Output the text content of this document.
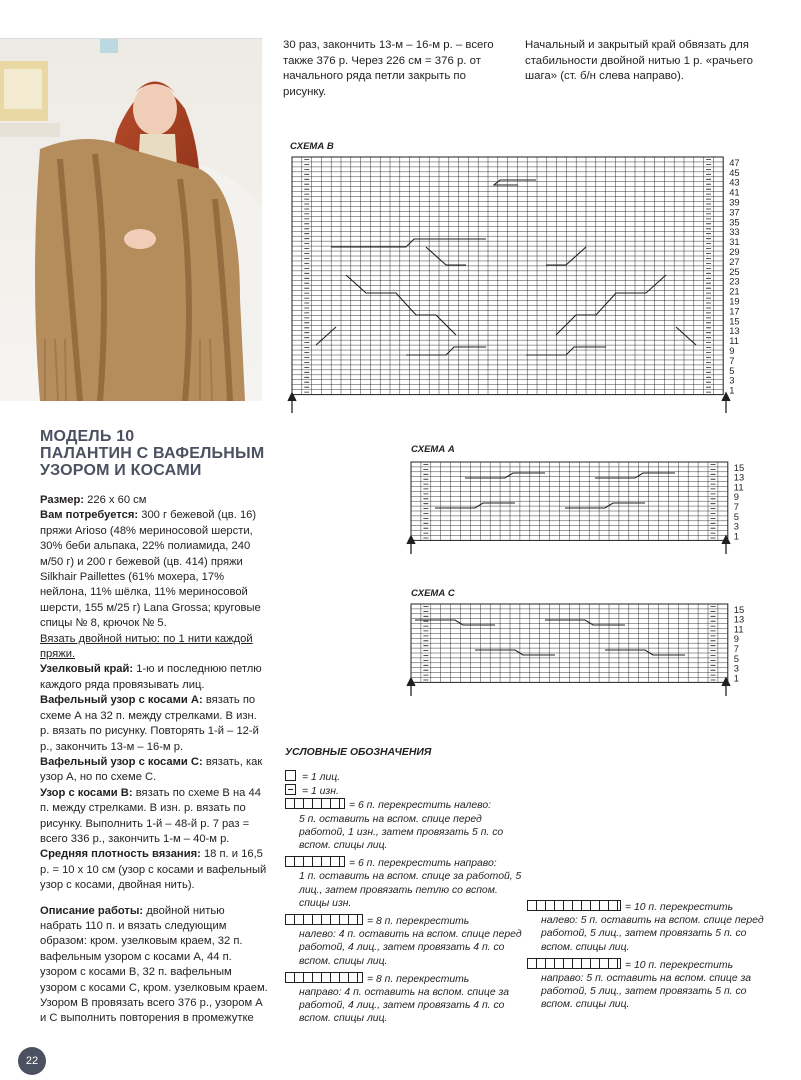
30 раз, закончить 13-м – 16-м р. – всего также 376 р. Через 226 см = 376 р. от начального ряда петли закрыть по рисунку.

Начальный и закрытый край обвязать для стабильности двойной нитью 1 р. «рачьего шага» (ст. б/н слева направо).

МОДЕЛЬ 10
ПАЛАНТИН С ВАФЕЛЬНЫМ УЗОРОМ И КОСАМИ

Размер: 226 x 60 см

Вам потребуется: 300 г бежевой (цв. 16) пряжи Arioso (48% мериносовой шерсти, 30% беби альпака, 22% полиамида, 240 м/50 г) и 200 г бежевой (цв. 414) пряжи Silkhair Paillettes (61% мохера, 17% нейлона, 11% шёлка, 11% мериносовой шерсти, 155 м/25 г) Lana Grossa; круговые спицы № 8, крючок № 5.

Вязать двойной нитью: по 1 нити каждой пряжи.

Узелковый край: 1-ю и последнюю петлю каждого ряда провязывать лиц.

Вафельный узор с косами А: вязать по схеме А на 32 п. между стрелками. В изн. р. вязать по рисунку. Повторять 1-й – 12-й р., закончить 13-м – 16-м р.

Вафельный узор с косами С: вязать, как узор А, но по схеме С.

Узор с косами В: вязать по схеме В на 44 п. между стрелками. В изн. р. вязать по рисунку. Выполнить 1-й – 48-й р. 7 раз = всего 336 р., закончить 1-м – 40-м р.

Средняя плотность вязания: 18 п. и 16,5 р. = 10 х 10 см (узор с косами и вафельный узор с косами, двойная нить).

Описание работы: двойной нитью набрать 110 п. и вязать следующим образом: кром. узелковым краем, 32 п. вафельным узором с косами А, 44 п. узором с косами В, 32 п. вафельным узором с косами С, кром. узелковым краем. Узором В провязать всего 376 р., узором А и С выполнить повторения в промежутке

СХЕМА В
47
45
43
41
39
37
35
33
31
29
27
25
23
21
19
17
15
13
11
9
7
5
3
1
СХЕМА А
15
13
11
9
7
5
3
1
СХЕМА С
15
13
11
9
7
5
3
1

УСЛОВНЫЕ ОБОЗНАЧЕНИЯ

= 1 лиц.

= 1 изн.

= 6 п. перекрестить налево:

5 п. оставить на вспом. спице перед работой, 1 изн., затем провязать 5 п. со вспом. спицы лиц.

= 6 п. перекрестить направо:

1 п. оставить на вспом. спице за работой, 5 лиц., затем провязать петлю со вспом. спицы изн.

= 8 п. перекрестить

налево: 4 п. оставить на вспом. спице перед работой, 4 лиц., затем провязать 4 п. со вспом. спицы лиц.

= 8 п. перекрестить

направо: 4 п. оставить на вспом. спице за работой, 4 лиц., затем провязать 4 п. со вспом. спицы лиц.

= 10 п. перекрестить

налево: 5 п. оставить на вспом. спице перед работой, 5 лиц., затем провязать 5 п. со вспом. спицы лиц.

= 10 п. перекрестить

направо: 5 п. оставить на вспом. спице за работой, 5 лиц., затем провязать 5 п. со вспом. спицы лиц.

22
